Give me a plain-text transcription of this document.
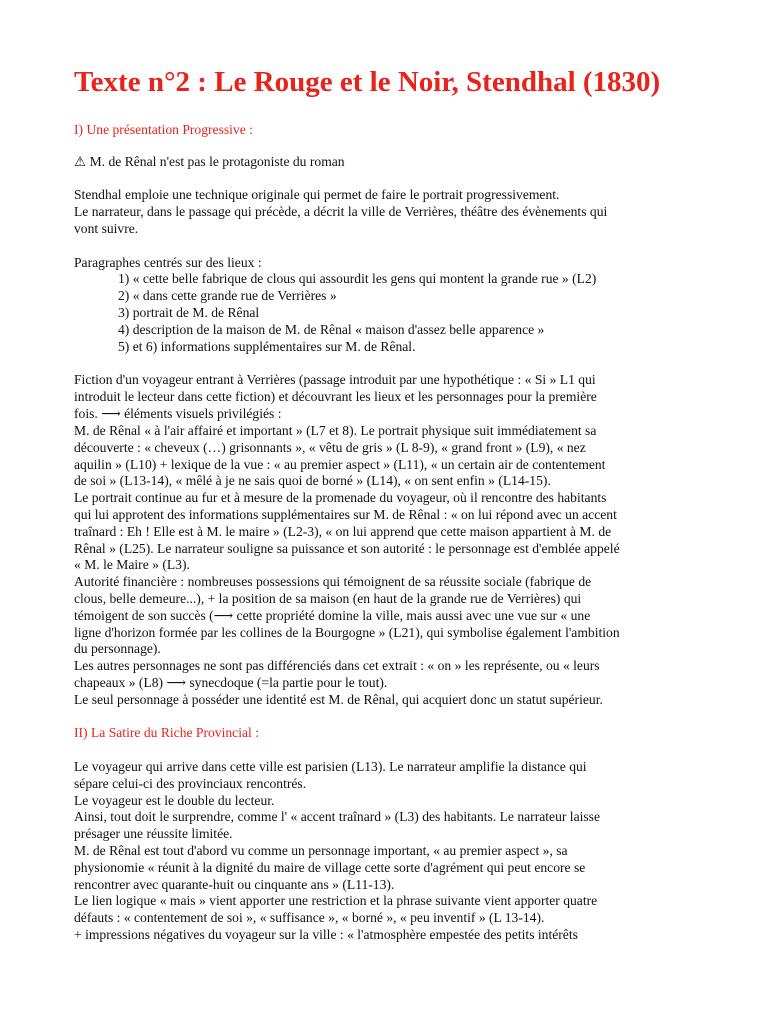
Texte n°2 : Le Rouge et le Noir, Stendhal (1830)
I) Une présentation Progressive :
⚠ M. de Rênal n'est pas le protagoniste du roman
Stendhal emploie une technique originale qui permet de faire le portrait progressivement.
Le narrateur, dans le passage qui précède, a décrit la ville de Verrières, théâtre des évènements qui
vont suivre.
Paragraphes centrés sur des lieux :
1) « cette belle fabrique de clous qui assourdit les gens qui montent la grande rue » (L2)
2) « dans cette grande rue de Verrières »
3) portrait de M. de Rênal
4) description de la maison de M. de Rênal « maison d'assez belle apparence »
5) et 6) informations supplémentaires sur M. de Rênal.
Fiction d'un voyageur entrant à Verrières (passage introduit par une hypothétique : « Si » L1 qui
introduit le lecteur dans cette fiction) et découvrant les lieux et les personnages pour la première
fois. ⟶ éléments visuels privilégiés :
M. de Rênal « à l'air affairé et important » (L7 et 8). Le portrait physique suit immédiatement sa
découverte : « cheveux (…) grisonnants », « vêtu de gris » (L 8-9), « grand front » (L9), « nez
aquilin » (L10) + lexique de la vue : « au premier aspect » (L11), « un certain air de contentement
de soi » (L13-14), « mêlé à je ne sais quoi de borné » (L14), « on sent enfin » (L14-15).
Le portrait continue au fur et à mesure de la promenade du voyageur, où il rencontre des habitants
qui lui approtent des informations supplémentaires sur M. de Rênal : « on lui répond avec un accent
traînard : Eh ! Elle est à M. le maire » (L2-3), « on lui apprend que cette maison appartient à M. de
Rênal » (L25). Le narrateur souligne sa puissance et son autorité : le personnage est d'emblée appelé
« M. le Maire » (L3).
Autorité financière : nombreuses possessions qui témoignent de sa réussite sociale (fabrique de
clous, belle demeure...), + la position de sa maison (en haut de la grande rue de Verrières) qui
témoigent de son succès (⟶ cette propriété domine la ville, mais aussi avec une vue sur « une
ligne d'horizon formée par les collines de la Bourgogne » (L21), qui symbolise également l'ambition
du personnage).
Les autres personnages ne sont pas différenciés dans cet extrait : « on » les représente, ou « leurs
chapeaux » (L8) ⟶ synecdoque (=la partie pour le tout).
Le seul personnage à posséder une identité est M. de Rênal, qui acquiert donc un statut supérieur.
II) La Satire du Riche Provincial :
Le voyageur qui arrive dans cette ville est parisien (L13). Le narrateur amplifie la distance qui
sépare celui-ci des provinciaux rencontrés.
Le voyageur est le double du lecteur.
Ainsi, tout doit le surprendre, comme l' « accent traînard » (L3) des habitants. Le narrateur laisse
présager une réussite limitée.
M. de Rênal est tout d'abord vu comme un personnage important, « au premier aspect », sa
physionomie « réunit à la dignité du maire de village cette sorte d'agrément qui peut encore se
rencontrer avec quarante-huit ou cinquante ans » (L11-13).
Le lien logique « mais » vient apporter une restriction et la phrase suivante vient apporter quatre
défauts : « contentement de soi », « suffisance », « borné », « peu inventif » (L 13-14).
+ impressions négatives du voyageur sur la ville : « l'atmosphère empestée des petits intérêts
